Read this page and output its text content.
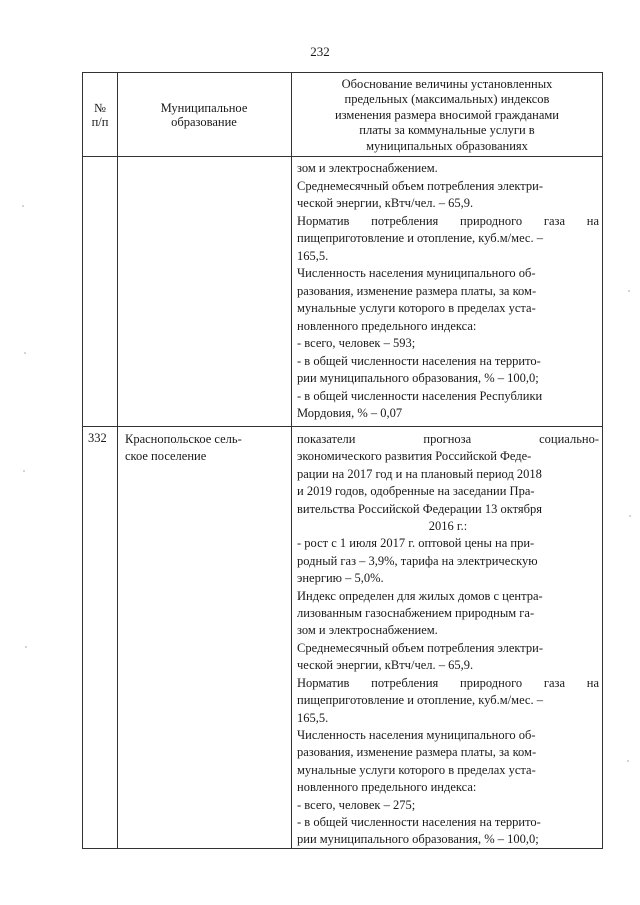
232
№
п/п
Муниципальное
образование
Обоснование величины установленных
предельных (максимальных) индексов
изменения размера вносимой гражданами
платы за коммунальные услуги в
муниципальных образованиях
зом и электроснабжением.
Среднемесячный объем потребления электри-
ческой энергии, кВтч/чел. – 65,9.
Норматив потребления природного газа на
пищеприготовление и отопление, куб.м/мес. –
165,5.
Численность населения муниципального об-
разования, изменение размера платы, за ком-
мунальные услуги которого в пределах уста-
новленного предельного индекса:
- всего, человек – 593;
- в общей численности населения на террито-
рии муниципального образования, % – 100,0;
- в общей численности населения Республики
Мордовия, % – 0,07
332	Краснопольское сель-
ское поселение
показатели прогноза социально-
экономического развития Российской Феде-
рации на 2017 год и на плановый период 2018
и 2019 годов, одобренные на заседании Пра-
вительства Российской Федерации 13 октября
2016 г.:
- рост с 1 июля 2017 г. оптовой цены на при-
родный газ – 3,9%, тарифа на электрическую
энергию – 5,0%.
Индекс определен для жилых домов с центра-
лизованным газоснабжением природным га-
зом и электроснабжением.
Среднемесячный объем потребления электри-
ческой энергии, кВтч/чел. – 65,9.
Норматив потребления природного газа на
пищеприготовление и отопление, куб.м/мес. –
165,5.
Численность населения муниципального об-
разования, изменение размера платы, за ком-
мунальные услуги которого в пределах уста-
новленного предельного индекса:
- всего, человек – 275;
- в общей численности населения на террито-
рии муниципального образования, % – 100,0;
